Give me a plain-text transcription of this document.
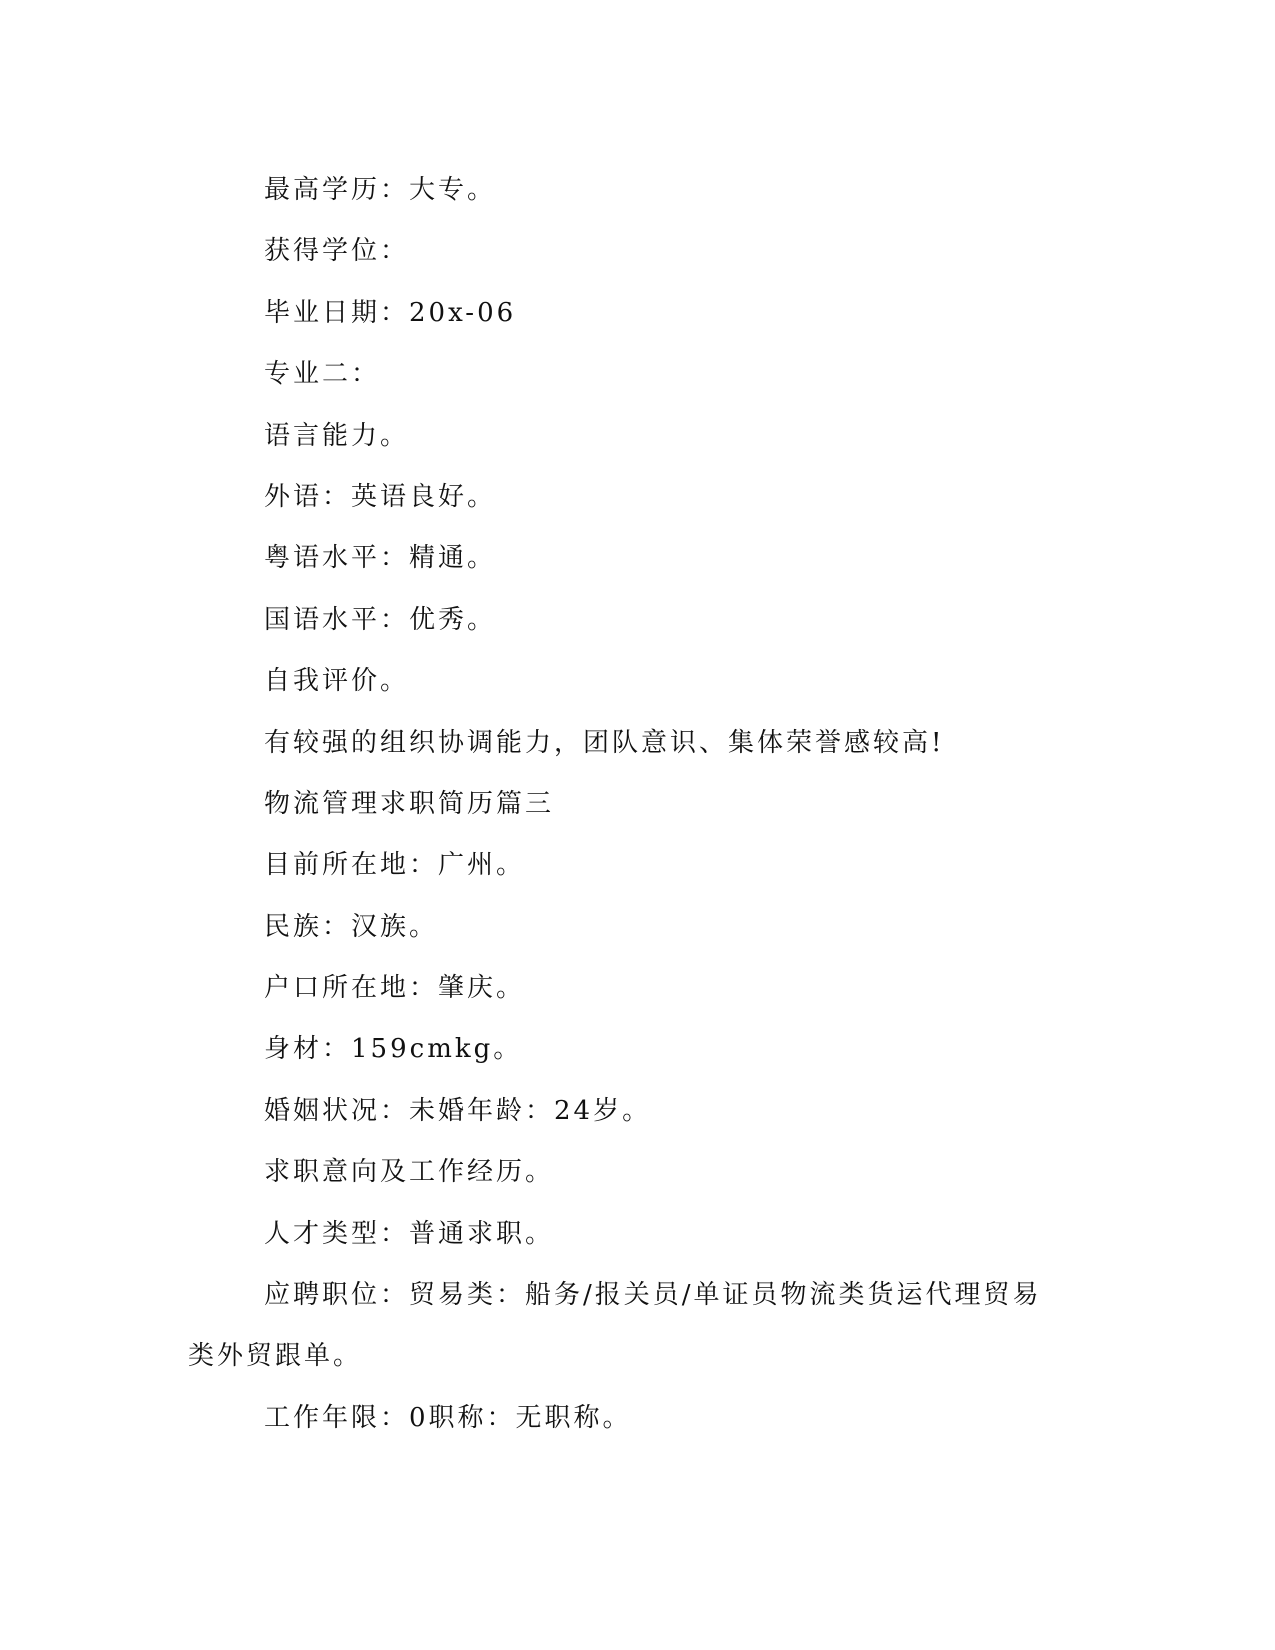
最高学历：大专。
获得学位：
毕业日期：20x-06
专业二：
语言能力。
外语：英语良好。
粤语水平：精通。
国语水平：优秀。
自我评价。
有较强的组织协调能力，团队意识、集体荣誉感较高!
物流管理求职简历篇三
目前所在地：广州。
民族：汉族。
户口所在地：肇庆。
身材：159cmkg。
婚姻状况：未婚年龄：24岁。
求职意向及工作经历。
人才类型：普通求职。
应聘职位：贸易类：船务/报关员/单证员物流类货运代理贸易类外贸跟单。
工作年限：0职称：无职称。
